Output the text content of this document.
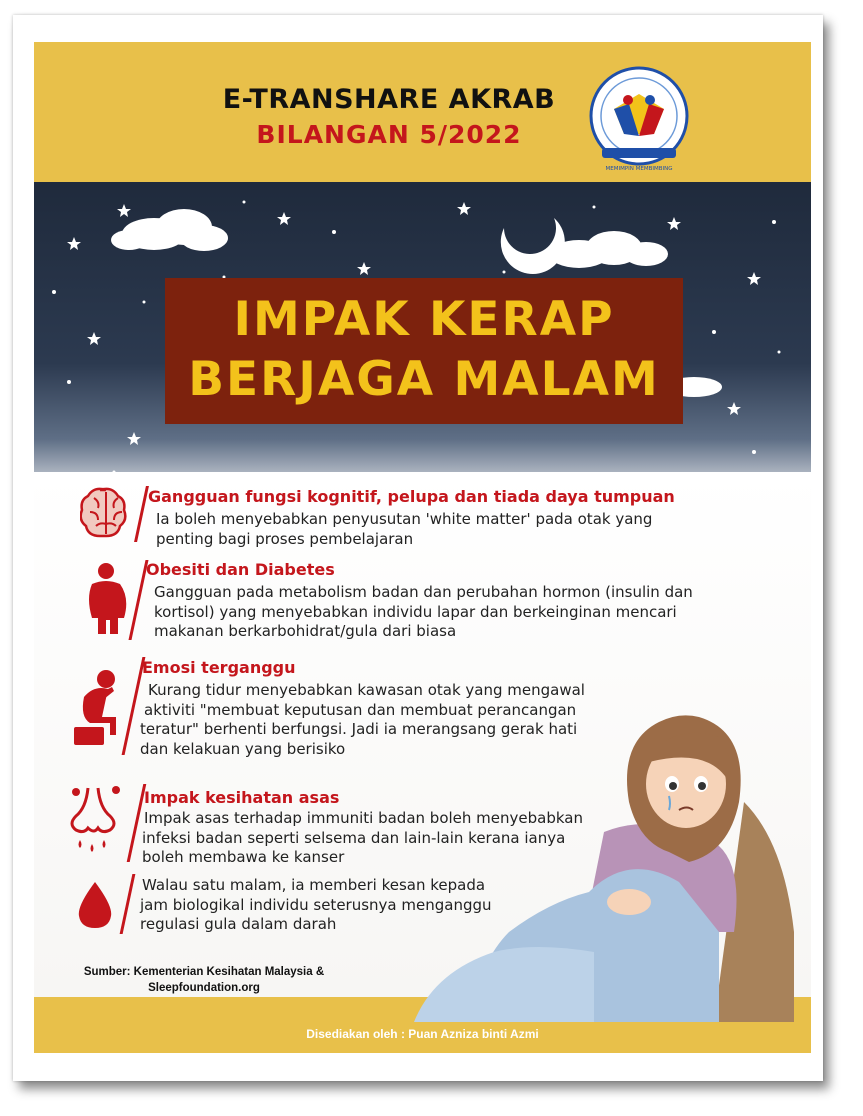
E-TRANSHARE AKRAB
BILANGAN 5/2022
MEMIMPIN MEMBIMBING
IMPAK KERAP
BERJAGA MALAM
Gangguan fungsi kognitif, pelupa dan tiada daya tumpuan
Ia boleh menyebabkan penyusutan 'white matter' pada otak yang
penting bagi proses pembelajaran
Obesiti dan Diabetes
Gangguan pada metabolism badan dan perubahan hormon (insulin dan
kortisol) yang menyebabkan individu lapar dan berkeinginan mencari
makanan berkarbohidrat/gula dari biasa
Emosi terganggu
Kurang tidur menyebabkan kawasan otak yang mengawal
aktiviti "membuat keputusan dan membuat perancangan
teratur" berhenti berfungsi. Jadi ia merangsang gerak hati
dan kelakuan yang berisiko
Impak kesihatan asas
Impak asas terhadap immuniti badan boleh menyebabkan
infeksi badan seperti selsema dan lain-lain kerana ianya
boleh membawa ke kanser
Walau satu malam, ia memberi kesan kepada
jam biologikal individu seterusnya menganggu
regulasi gula dalam darah
Sumber: Kementerian Kesihatan Malaysia &
Sleepfoundation.org
Disediakan oleh : Puan Azniza binti Azmi
